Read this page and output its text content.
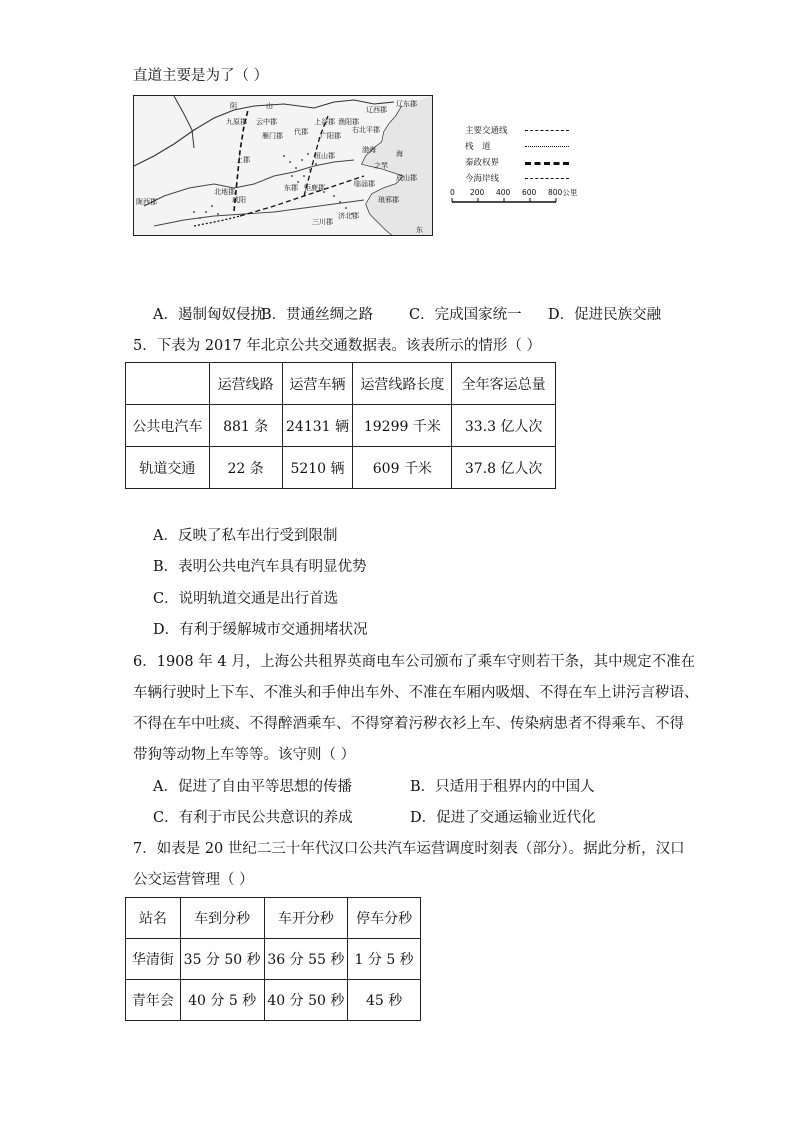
直道主要是为了（ ）
阴	山
九原郡 云中郡
雁门郡
上谷郡 渔阳郡
右北平郡
辽西郡
辽东郡
代郡 广阳郡
上郡	恒山郡
渤海
北地郡	东郡 钜鹿郡
之罘
成山郡
临淄郡
琅邪郡
三川郡
陇西郡	咸阳
济北郡
东
海
主要交通线
栈　道
秦政权界
今海岸线
0 200 400 600 800公里
A．遏制匈奴侵扰
B．贯通丝绸之路 C．完成国家统一 D．促进民族交融
5．下表为 2017 年北京公共交通数据表。该表所示的情形（ ）
	运营线路	运营车辆	运营线路长度	全年客运总量
公共电汽车	881 条	24131 辆	19299 千米	33.3 亿人次
轨道交通	22 条	5210 辆	609 千米	37.8 亿人次
A．反映了私车出行受到限制
B．表明公共电汽车具有明显优势
C．说明轨道交通是出行首选
D．有利于缓解城市交通拥堵状况
6．1908 年 4 月，上海公共租界英商电车公司颁布了乘车守则若干条，其中规定不准在
车辆行驶时上下车、不准头和手伸出车外、不准在车厢内吸烟、不得在车上讲污言秽语、
不得在车中吐痰、不得醉酒乘车、不得穿着污秽衣衫上车、传染病患者不得乘车、不得
带狗等动物上车等等。该守则（ ）
A．促进了自由平等思想的传播	B．只适用于租界内的中国人
C．有利于市民公共意识的养成	D．促进了交通运输业近代化
7．如表是 20 世纪二三十年代汉口公共汽车运营调度时刻表（部分）。据此分析，汉口
公交运营管理（ ）
站名	车到分秒	车开分秒	停车分秒
华清街	35 分 50 秒	36 分 55 秒	1 分 5 秒
青年会	40 分 5 秒	40 分 50 秒	45 秒
